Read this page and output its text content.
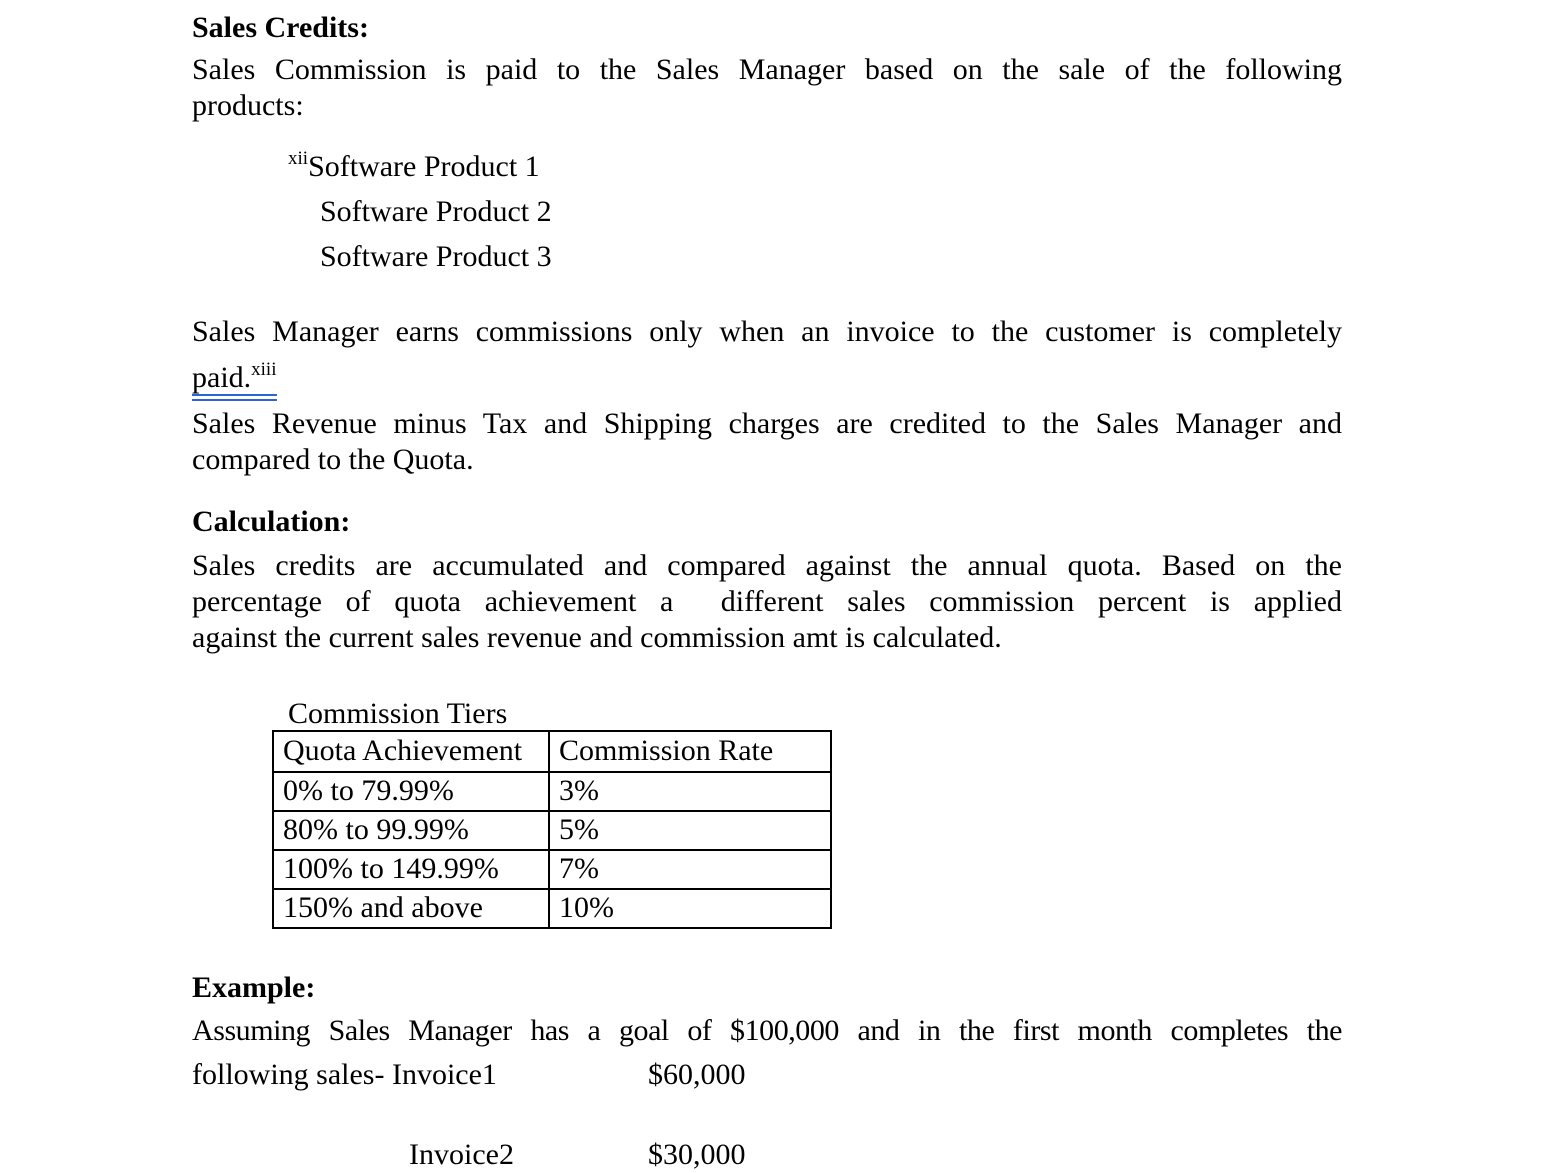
Sales Credits:
Sales Commission is paid to the Sales Manager based on the sale of the following
products:
$^{xii}$Software Product 1
Software Product 2
Software Product 3
Sales Manager earns commissions only when an invoice to the customer is completely
paid.$^{xiii}$
Sales Revenue minus Tax and Shipping charges are credited to the Sales Manager and
compared to the Quota.
Calculation:
Sales credits are accumulated and compared against the annual quota. Based on the
percentage of quota achievement a  different sales commission percent is applied
against the current sales revenue and commission amt is calculated.
Commission Tiers
Quota Achievement	Commission Rate
0% to 79.99%	3%
80% to 99.99%	5%
100% to 149.99%	7%
150% and above	10%
Example:
Assuming Sales Manager has a goal of $100,000 and in the first month completes the
following sales- Invoice1	$60,000
Invoice2	$30,000
